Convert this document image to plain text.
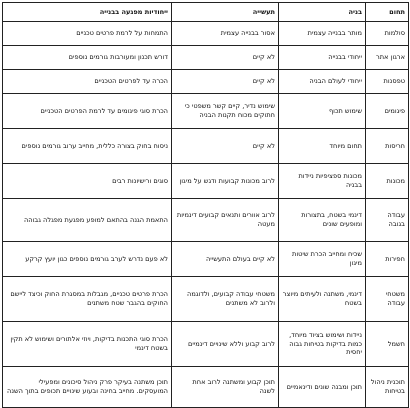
תחום	בניה	תעשייה	ייחודיות מפגעה בבנייה
סולמות	מותר בבנייה עצמית	אסור בבנייה עצמית	התמחות על לרמת פרטים טכניים
ארגון אתר	ייחודי בבנייה	לא קיים	דורש תכנון ומעורבות גורמים נוספים
טפסנות	ייחודי לעולם הבניה	לא קיים	הכרה עד לפרטים הטכניים
פיגומים	שימוש תכוף	שימוש נדיר, קיים קשר משפטי כי חתוקים מכוח תקנות הבניה	הכרת סוגי פיגומים עד לרמת הפרטים הטכניים
חריסות	תחום מיוחד	לא קיים	ניסוח בחוק בצורה כללית, מחייב ערוב גורמים נוספים
מכונות	מכונות ספציפיות ניידות בבניה	לרוב מכונות קבועות ודגש על מיגון	סוגים ורישיונות רבים
עבודה בגובה	דינמי בשטח, בתצורות ומופעים שונים	לרוב אוורים ותנאים קבועים דינמיות מעטה	התאמת הגנה בהתאם למופע מפגעת מפגלה גבוהה
חפירות	שכיח ומחייב הכרת שיטות מיגון	לא קיים בעולם התעשייה	לא פעם נדרש לערב גורמים נוספים כגון יועץ קרקע
משטחי עבודה	דינמי, משתנה ולעיתים מיוצר בשטח	משטחי עבודה קבועים, ולדוגמה ולרוב לא משתנים	הכרת פרטים טכניים, מגבלות במסגרת החוק וכיצד ליישם החוקים בהגבר שטח משתנים
חשמל	ניידות ושימוש בציוד מיוחד, כמות בדיקות בטיחות גבוה יחסית	לרוב קבוע וללא שינויים דינמיים	הכרת סוגי התכנות בדיקות, ויוזי אלתורים ושימוש לא תקין בשטח דינמי
תוכנית ניהול בטיחות	תוכן ומבנה שונים ודינאמיים	תוכן קבוע ומשתנה לרוב אחת לשנה	תוכן משתנה בעיקר פרק ניהול סיכונים ומפעילי המועסקים. מחייב בחינה ובעוע שינויים תכופים בתוך השנה
